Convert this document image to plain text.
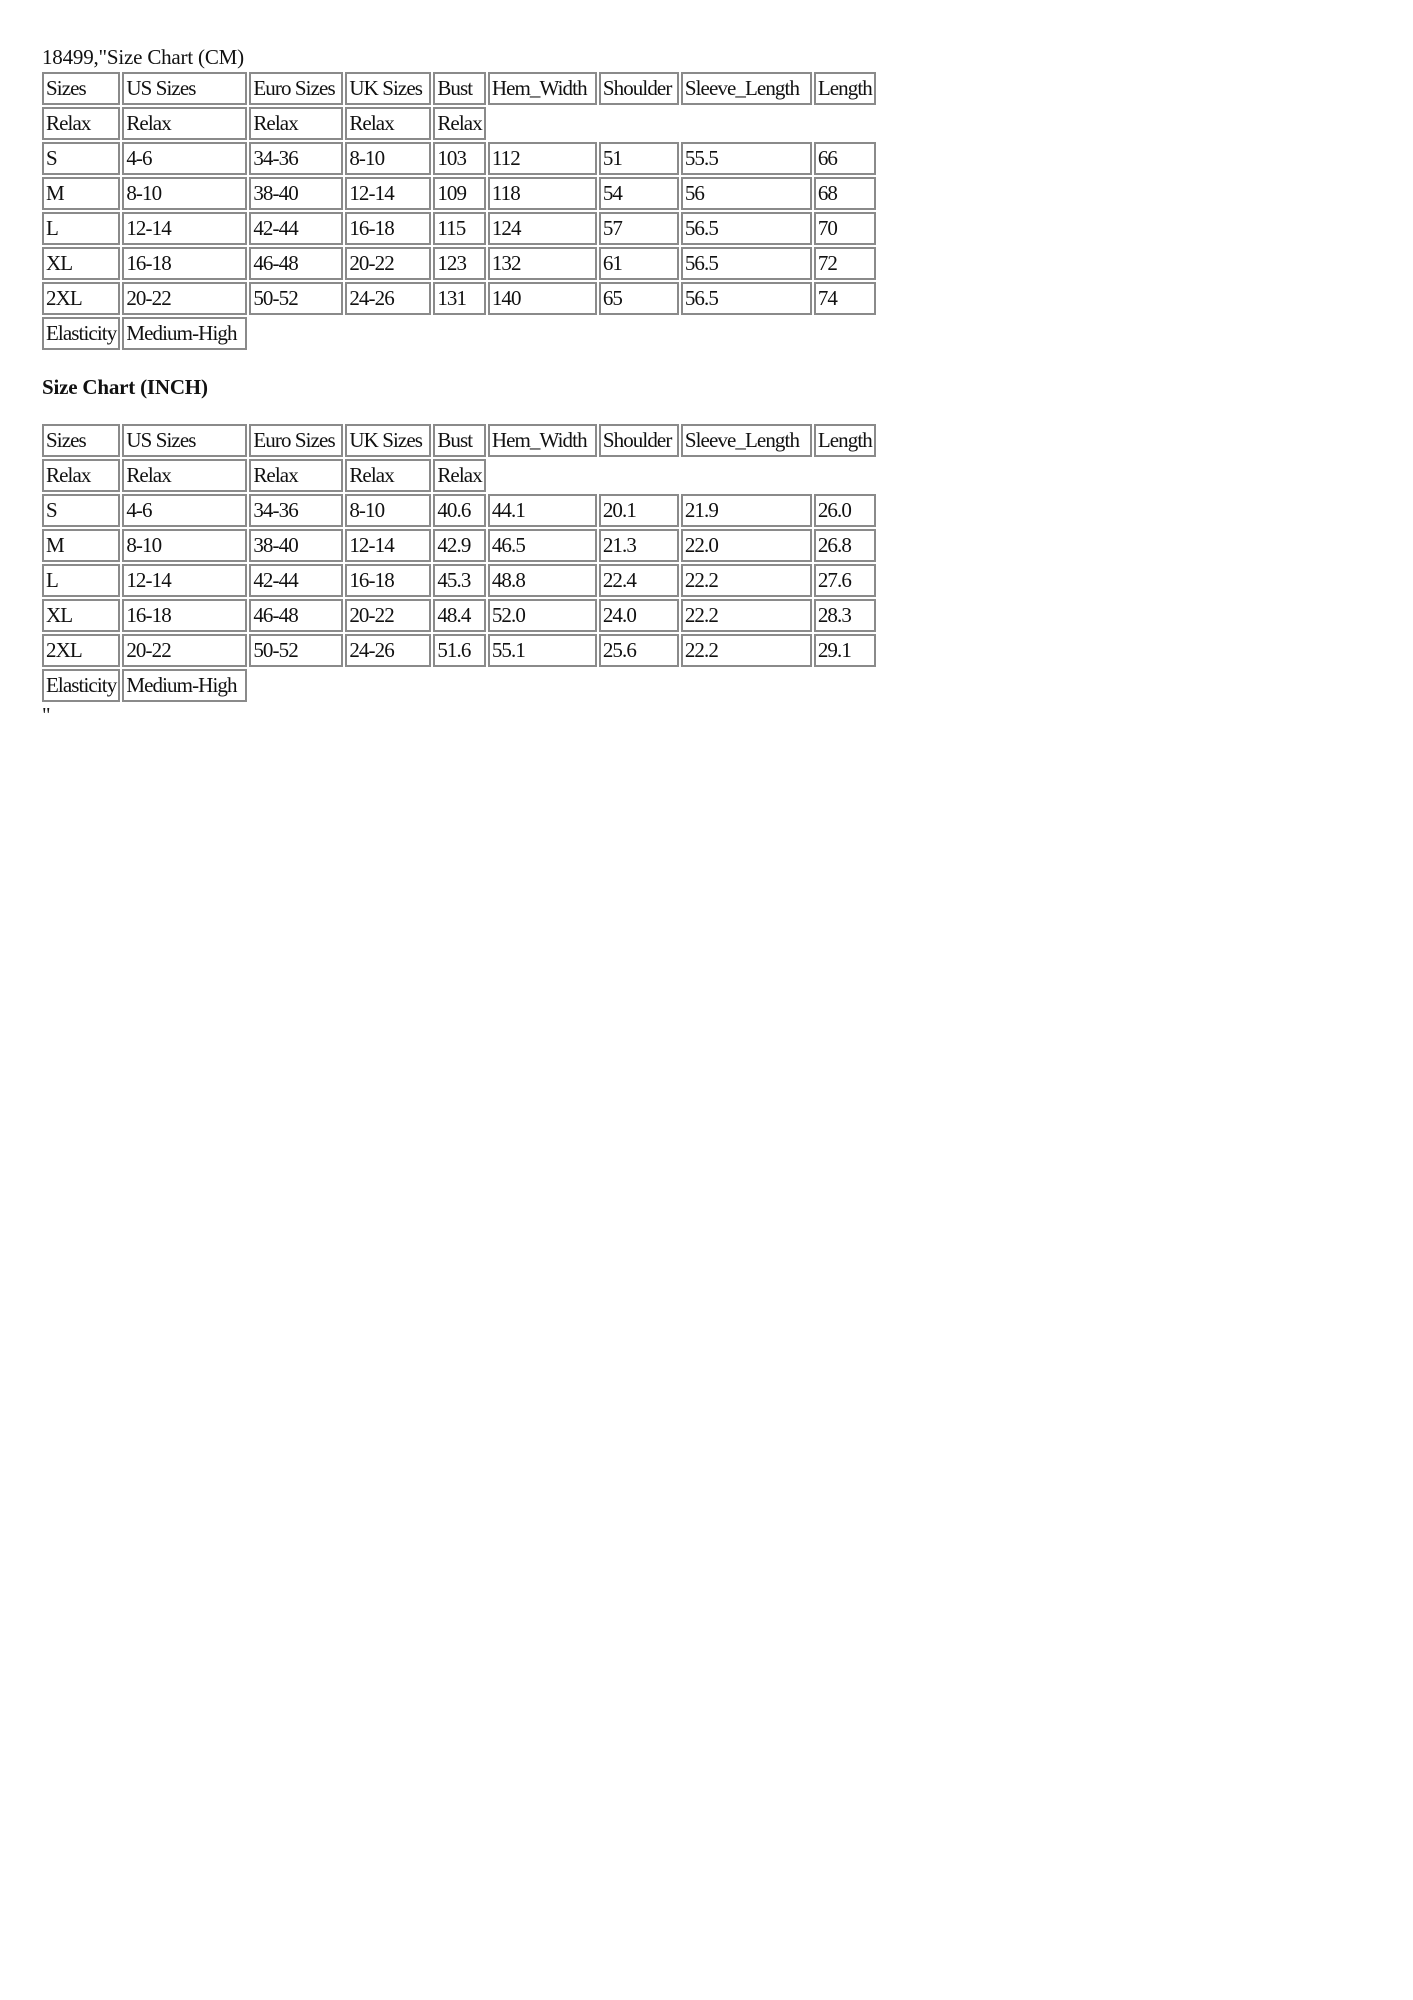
18499,"Size Chart (CM)
Sizes	US Sizes	Euro Sizes	UK Sizes	Bust	Hem_Width	Shoulder	Sleeve_Length	Length
Relax	Relax	Relax	Relax	Relax				
S	4-6	34-36	8-10	103	112	51	55.5	66
M	8-10	38-40	12-14	109	118	54	56	68
L	12-14	42-44	16-18	115	124	57	56.5	70
XL	16-18	46-48	20-22	123	132	61	56.5	72
2XL	20-22	50-52	24-26	131	140	65	56.5	74
Elasticity	Medium-High							
Size Chart (INCH)
Sizes	US Sizes	Euro Sizes	UK Sizes	Bust	Hem_Width	Shoulder	Sleeve_Length	Length
Relax	Relax	Relax	Relax	Relax				
S	4-6	34-36	8-10	40.6	44.1	20.1	21.9	26.0
M	8-10	38-40	12-14	42.9	46.5	21.3	22.0	26.8
L	12-14	42-44	16-18	45.3	48.8	22.4	22.2	27.6
XL	16-18	46-48	20-22	48.4	52.0	24.0	22.2	28.3
2XL	20-22	50-52	24-26	51.6	55.1	25.6	22.2	29.1
Elasticity	Medium-High							
"
